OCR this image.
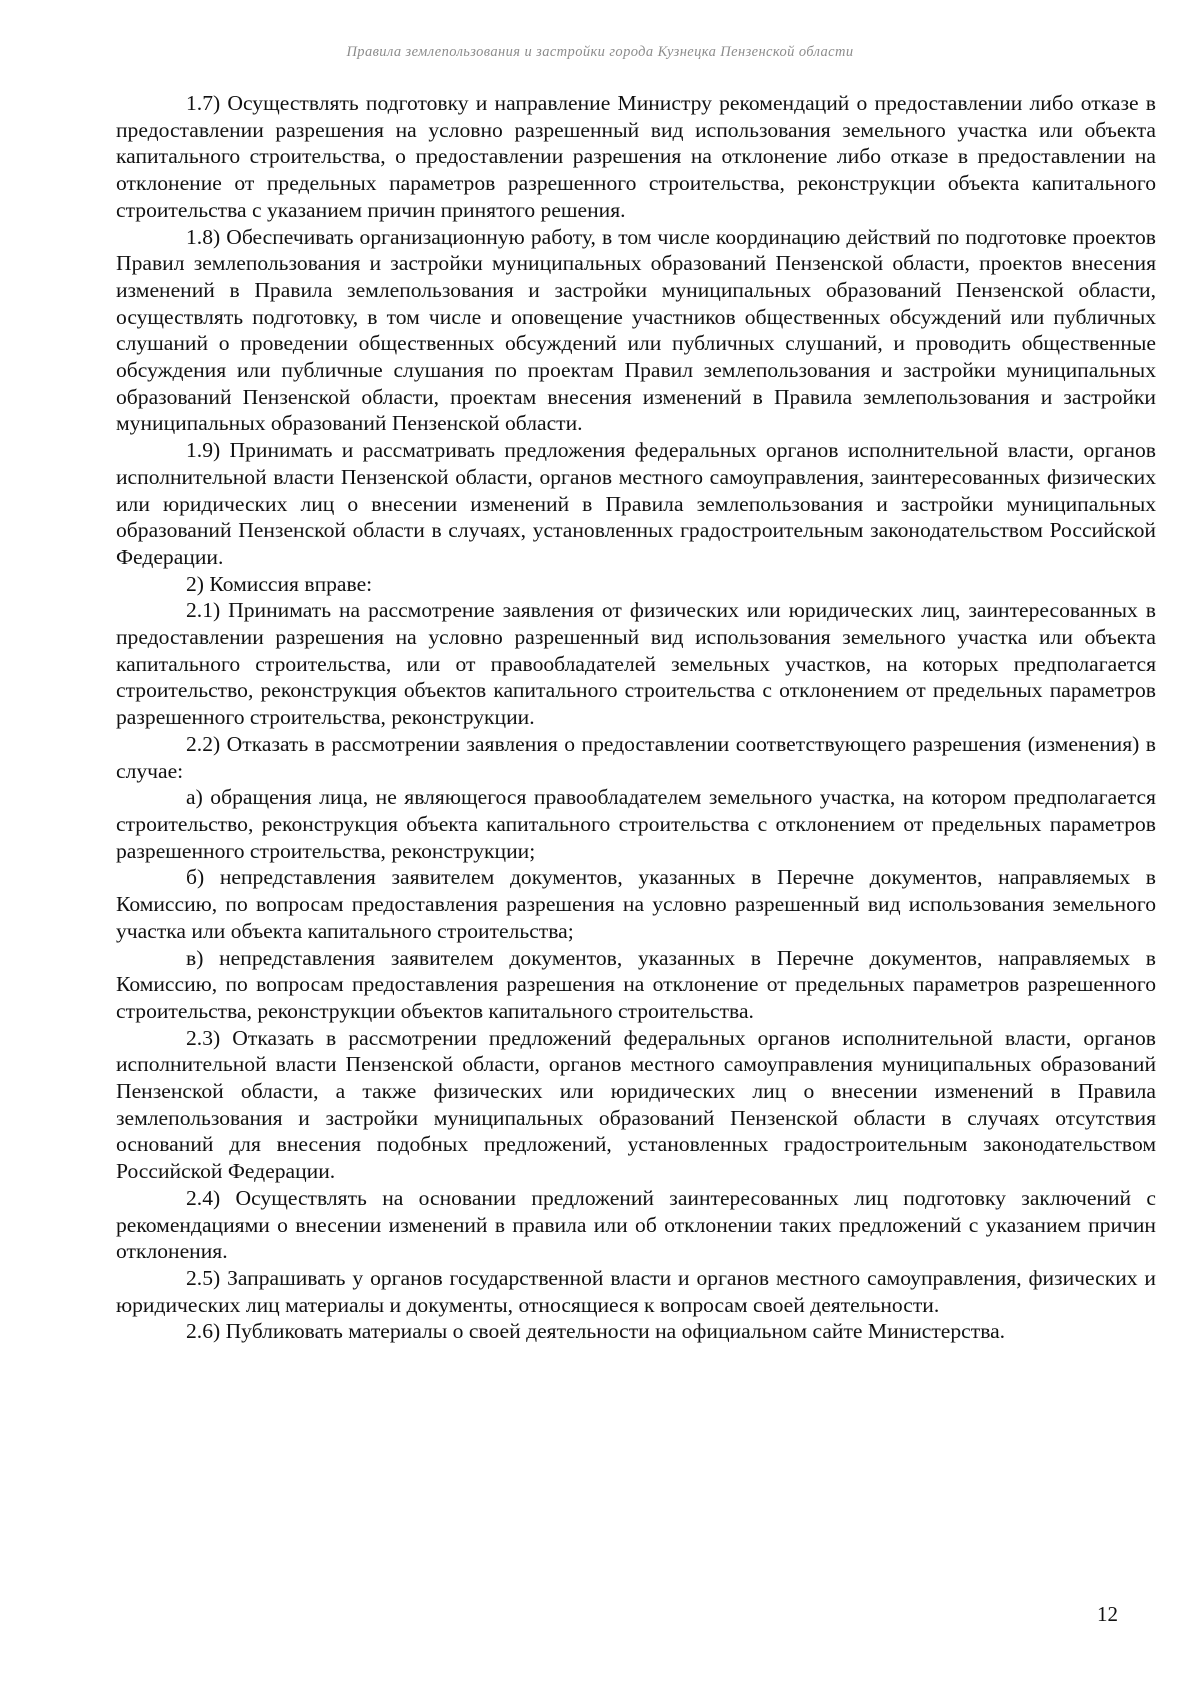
Правила землепользования и застройки города Кузнецка Пензенской области

1.7) Осуществлять подготовку и направление Министру рекомендаций о предоставлении либо отказе в предоставлении разрешения на условно разрешенный вид использования земельного участка или объекта капитального строительства, о предоставлении разрешения на отклонение либо отказе в предоставлении на отклонение от предельных параметров разрешенного строительства, реконструкции объекта капитального строительства с указанием причин принятого решения.

1.8) Обеспечивать организационную работу, в том числе координацию действий по подготовке проектов Правил землепользования и застройки муниципальных образований Пензенской области, проектов внесения изменений в Правила землепользования и застройки муниципальных образований Пензенской области, осуществлять подготовку, в том числе и оповещение участников общественных обсуждений или публичных слушаний о проведении общественных обсуждений или публичных слушаний, и проводить общественные обсуждения или публичные слушания по проектам Правил землепользования и застройки муниципальных образований Пензенской области, проектам внесения изменений в Правила землепользования и застройки муниципальных образований Пензенской области.

1.9) Принимать и рассматривать предложения федеральных органов исполнительной власти, органов исполнительной власти Пензенской области, органов местного самоуправления, заинтересованных физических или юридических лиц о внесении изменений в Правила землепользования и застройки муниципальных образований Пензенской области в случаях, установленных градостроительным законодательством Российской Федерации.

2) Комиссия вправе:

2.1) Принимать на рассмотрение заявления от физических или юридических лиц, заинтересованных в предоставлении разрешения на условно разрешенный вид использования земельного участка или объекта капитального строительства, или от правообладателей земельных участков, на которых предполагается строительство, реконструкция объектов капитального строительства с отклонением от предельных параметров разрешенного строительства, реконструкции.

2.2) Отказать в рассмотрении заявления о предоставлении соответствующего разрешения (изменения) в случае:

а) обращения лица, не являющегося правообладателем земельного участка, на котором предполагается строительство, реконструкция объекта капитального строительства с отклонением от предельных параметров разрешенного строительства, реконструкции;

б) непредставления заявителем документов, указанных в Перечне документов, направляемых в Комиссию, по вопросам предоставления разрешения на условно разрешенный вид использования земельного участка или объекта капитального строительства;

в) непредставления заявителем документов, указанных в Перечне документов, направляемых в Комиссию, по вопросам предоставления разрешения на отклонение от предельных параметров разрешенного строительства, реконструкции объектов капитального строительства.

2.3) Отказать в рассмотрении предложений федеральных органов исполнительной власти, органов исполнительной власти Пензенской области, органов местного самоуправления муниципальных образований Пензенской области, а также физических или юридических лиц о внесении изменений в Правила землепользования и застройки муниципальных образований Пензенской области в случаях отсутствия оснований для внесения подобных предложений, установленных градостроительным законодательством Российской Федерации.

2.4) Осуществлять на основании предложений заинтересованных лиц подготовку заключений с рекомендациями о внесении изменений в правила или об отклонении таких предложений с указанием причин отклонения.

2.5) Запрашивать у органов государственной власти и органов местного самоуправления, физических и юридических лиц материалы и документы, относящиеся к вопросам своей деятельности.

2.6) Публиковать материалы о своей деятельности на официальном сайте Министерства.

12
